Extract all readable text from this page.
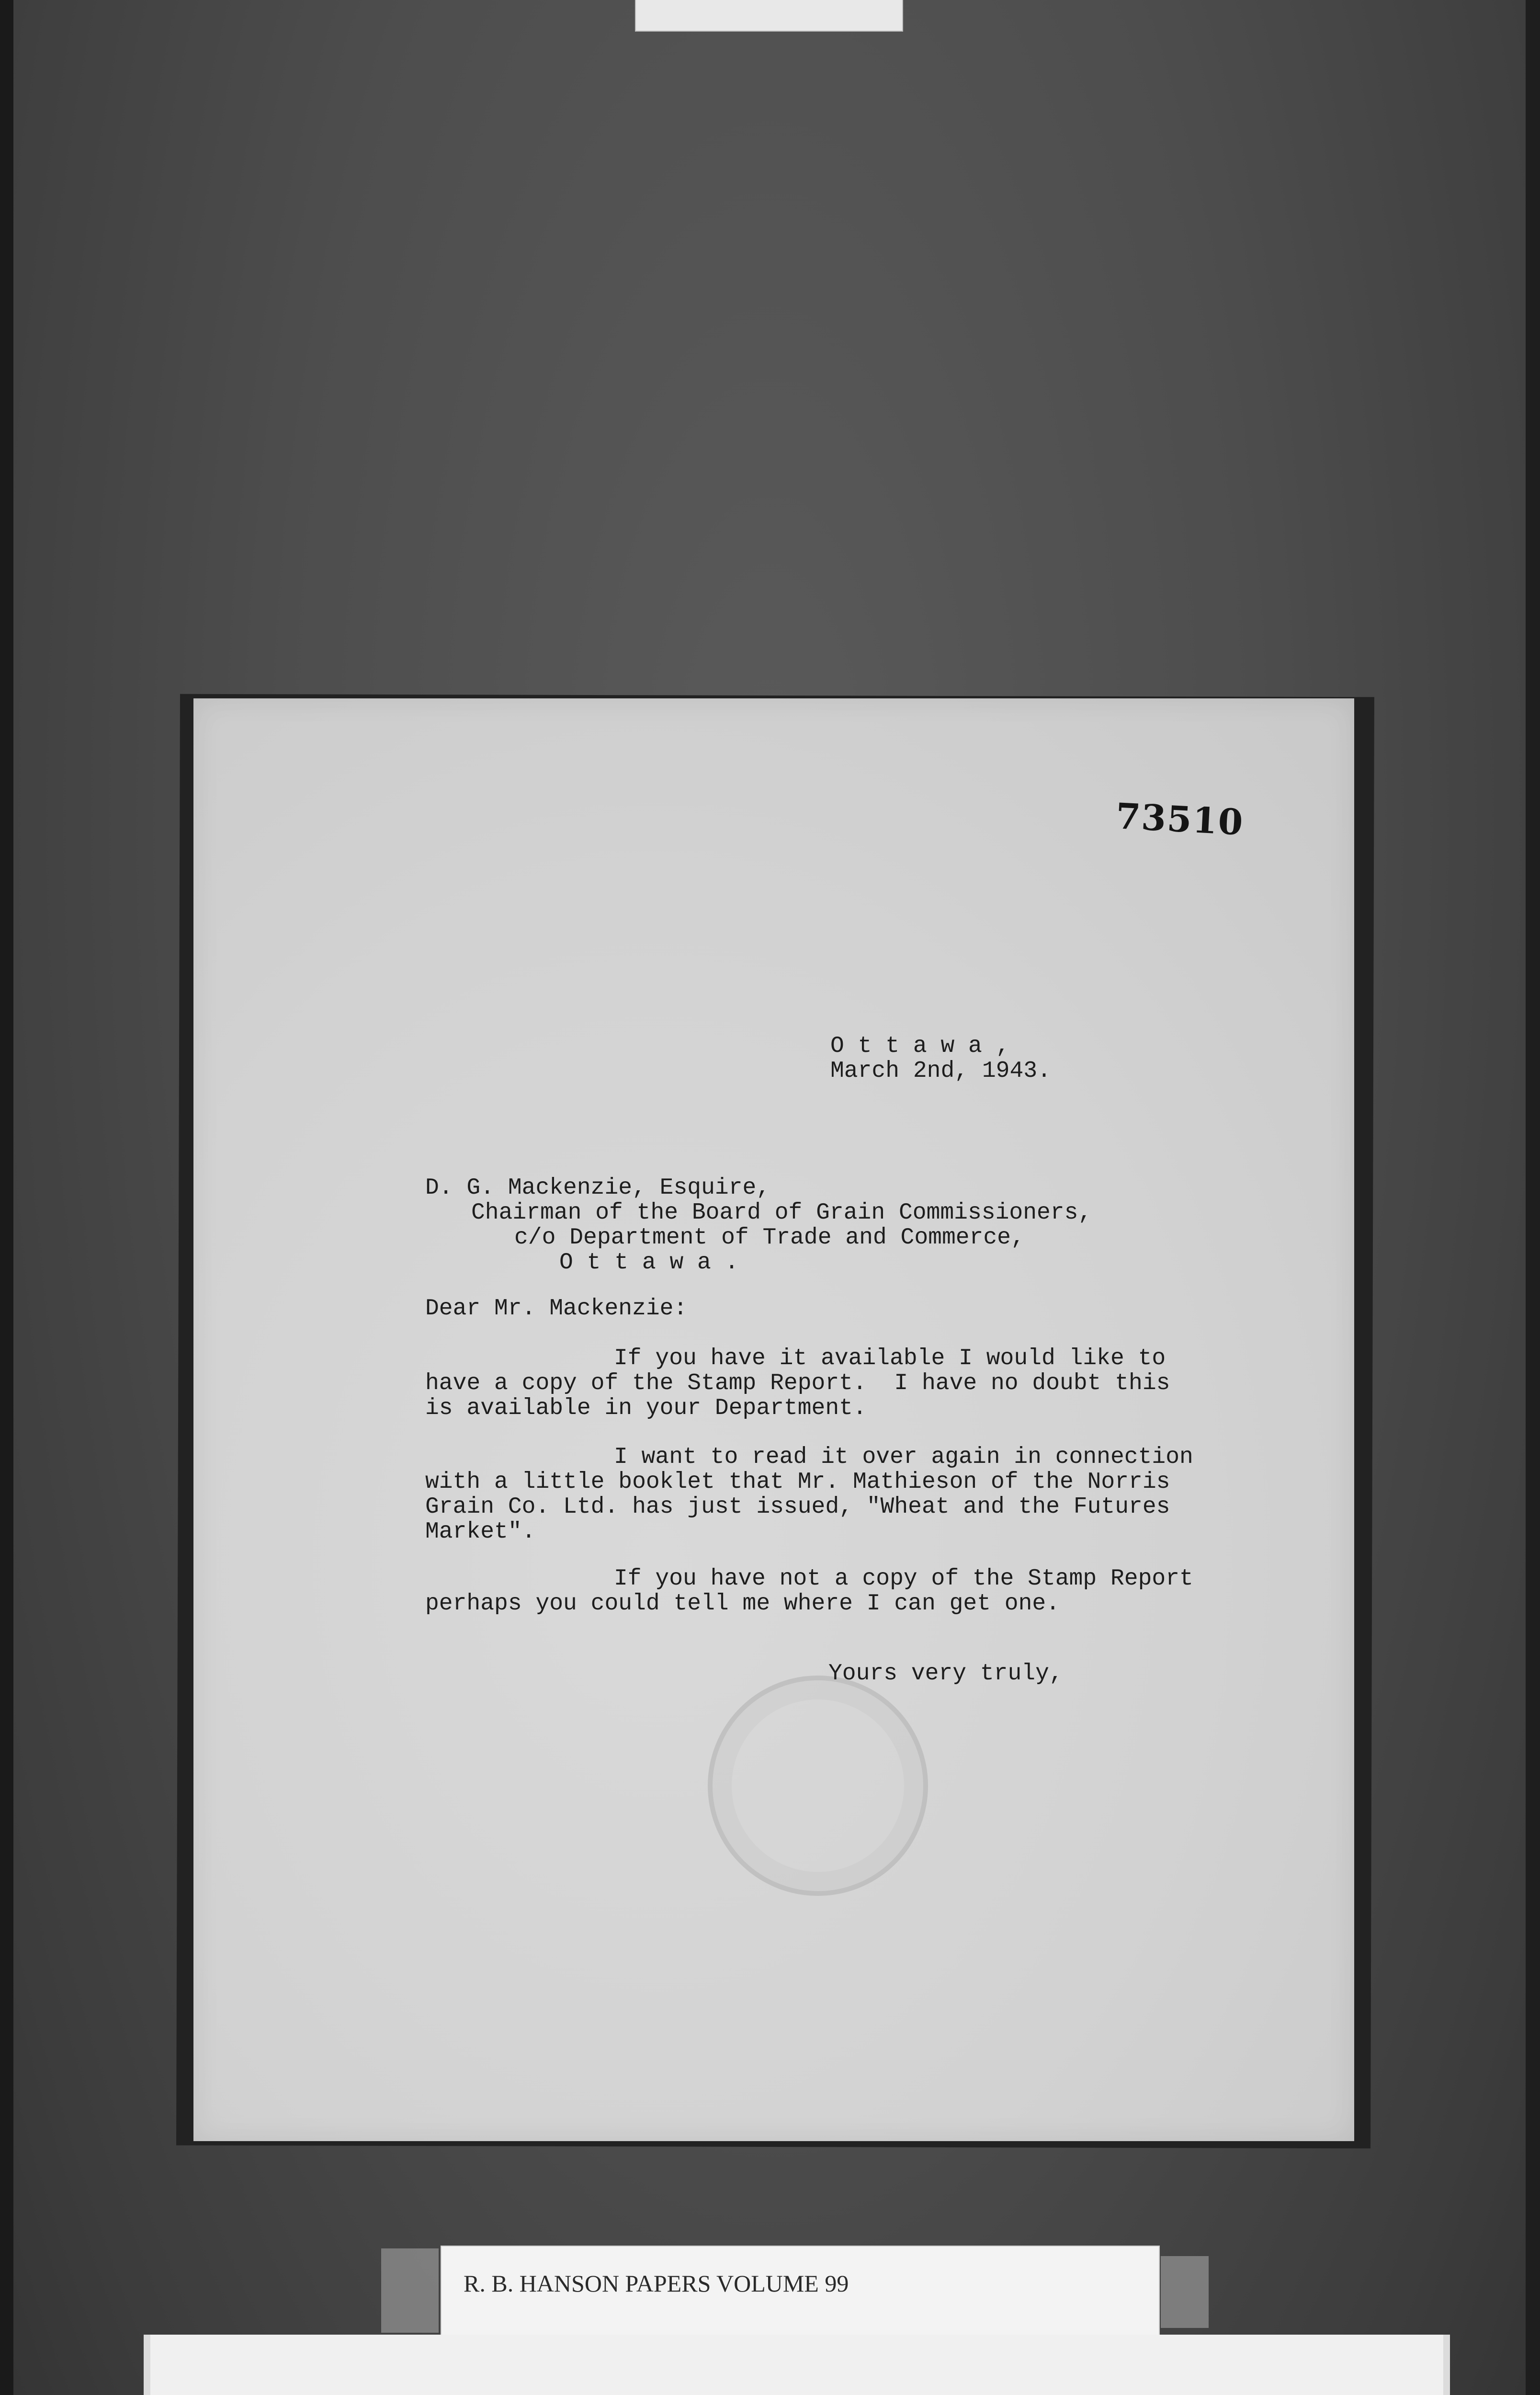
73510
O t t a w a ,
March 2nd, 1943.
D. G. Mackenzie, Esquire,
Chairman of the Board of Grain Commissioners,
c/o Department of Trade and Commerce,
O t t a w a .
Dear Mr. Mackenzie:
If you have it available I would like to
have a copy of the Stamp Report.  I have no doubt this
is available in your Department.
I want to read it over again in connection
with a little booklet that Mr. Mathieson of the Norris
Grain Co. Ltd. has just issued, "Wheat and the Futures
Market".
If you have not a copy of the Stamp Report
perhaps you could tell me where I can get one.
Yours very truly,
R. B. HANSON PAPERS VOLUME 99
